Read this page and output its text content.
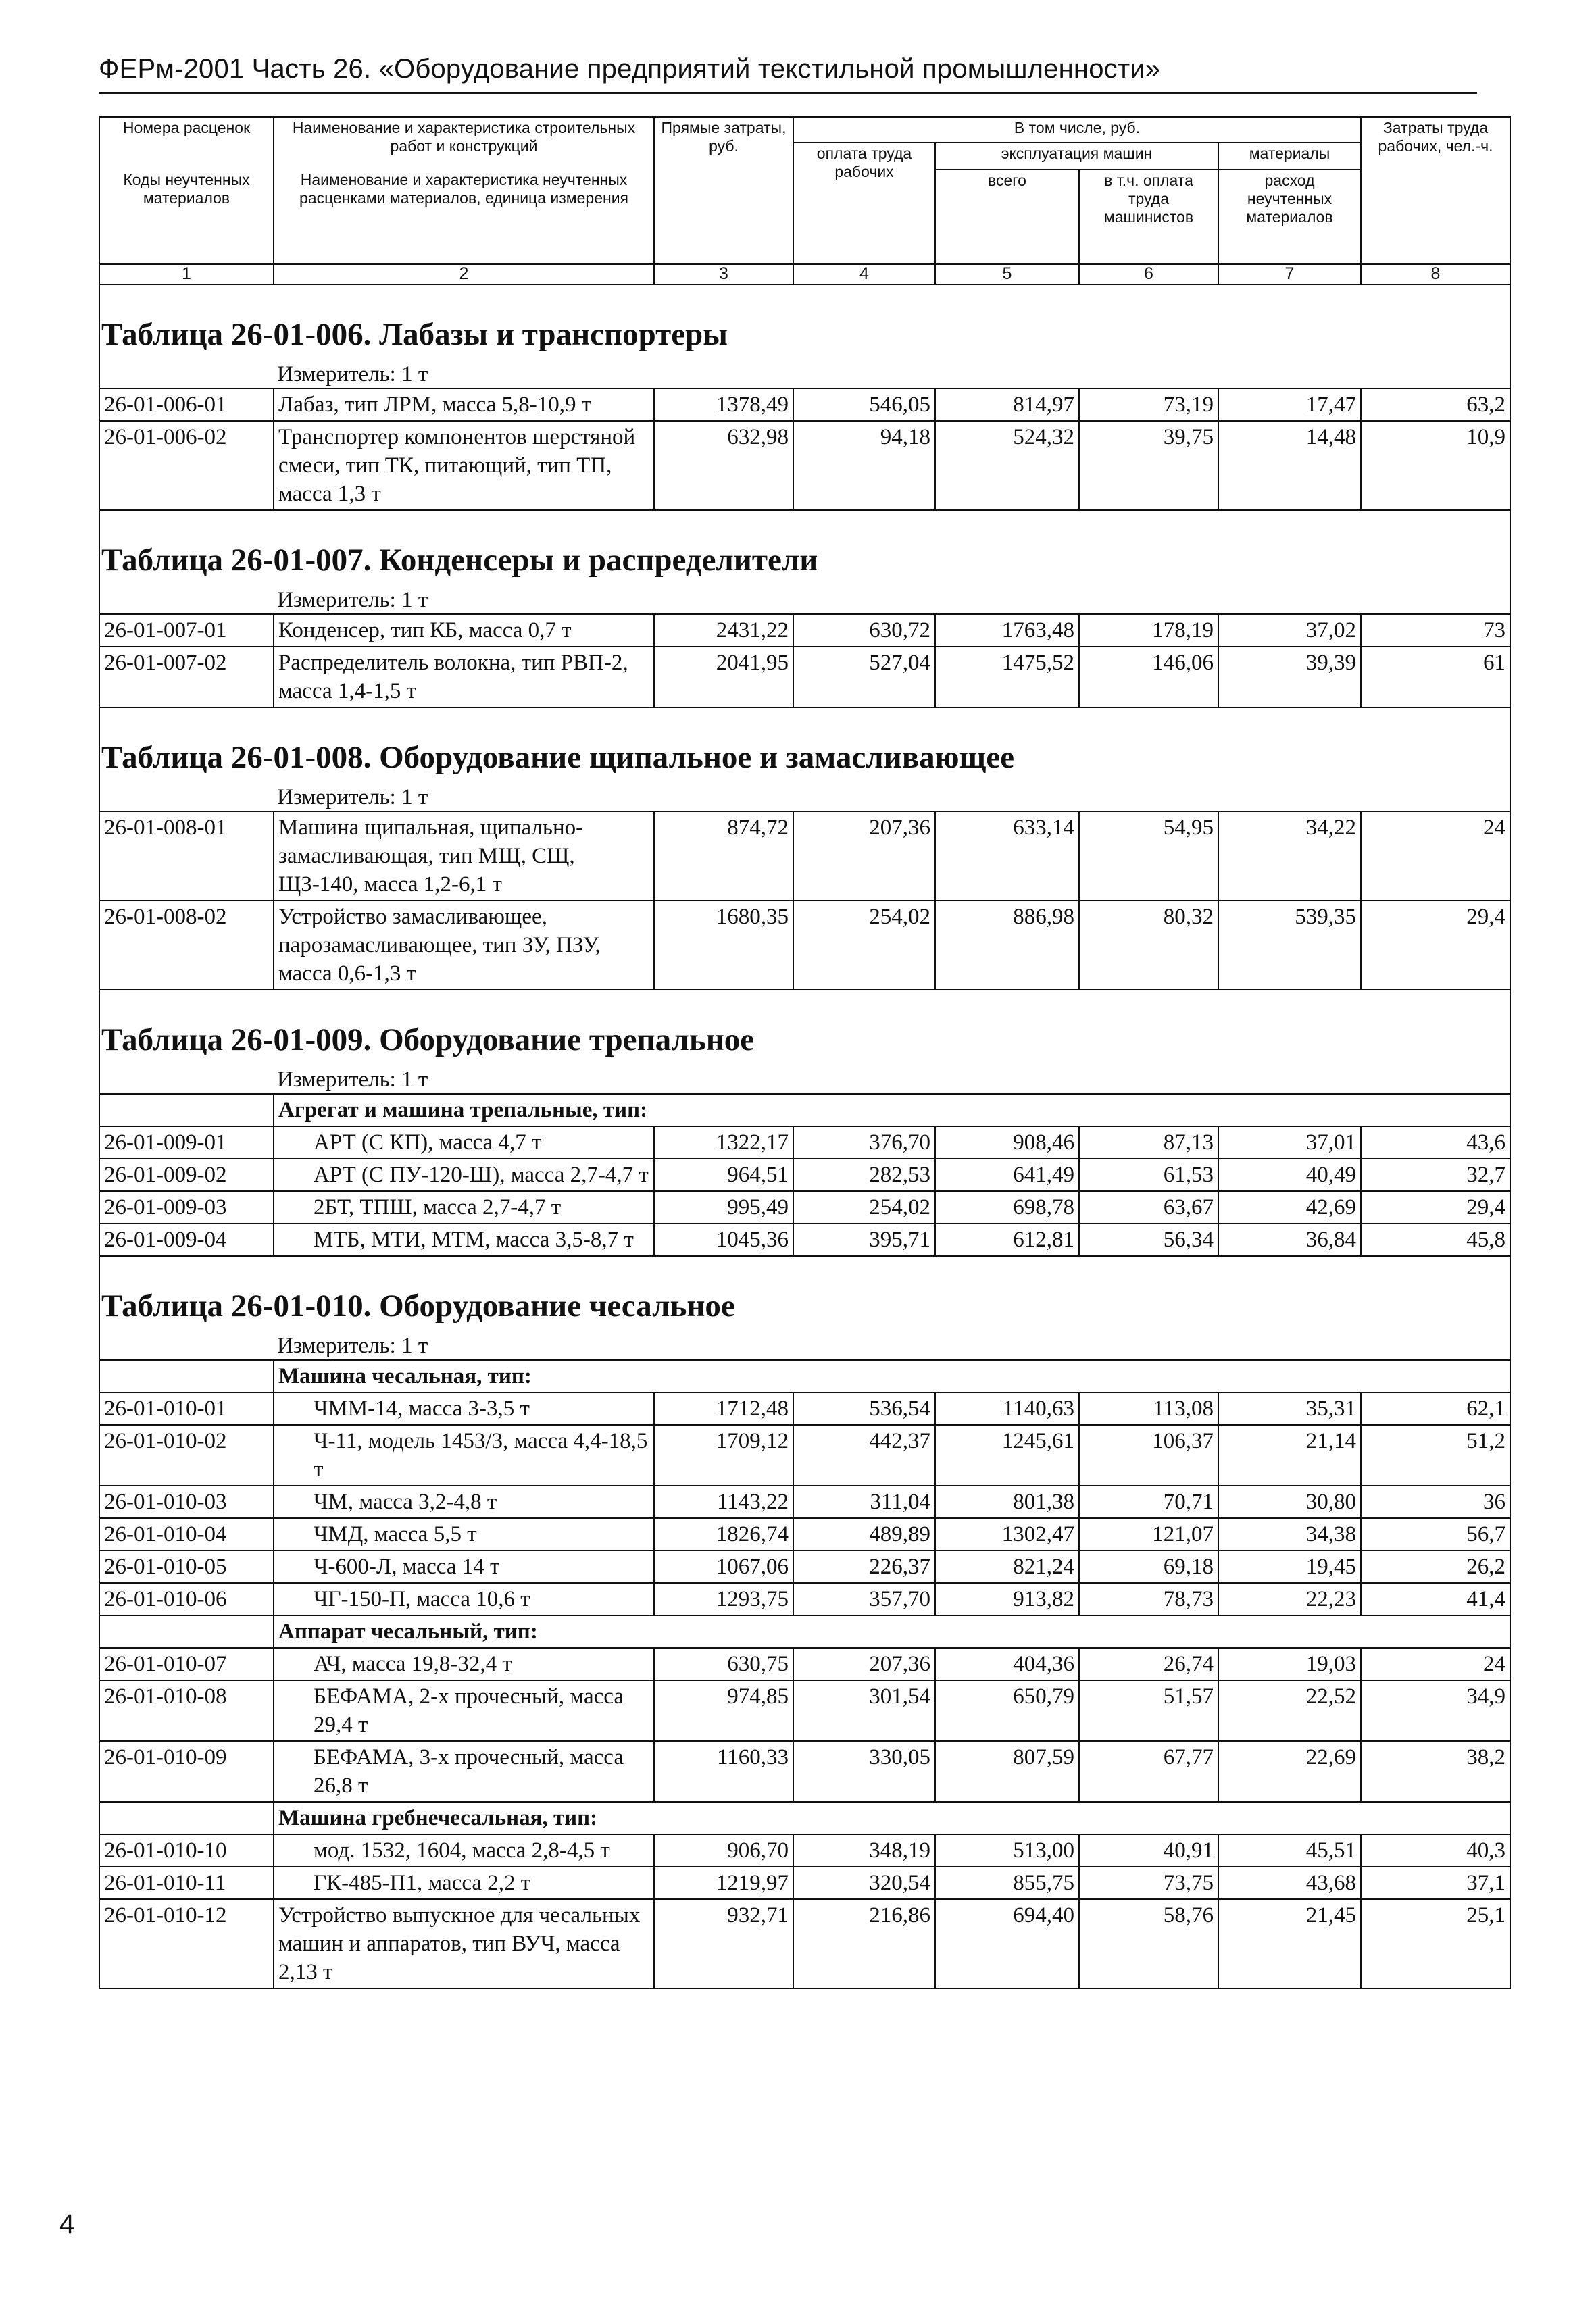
ФЕРм-2001 Часть 26. «Оборудование предприятий текстильной промышленности»
Номера расценок	Наименование и характеристика строительных работ и конструкций	Прямые затраты, руб.	В том числе, руб.				Затраты труда рабочих, чел.-ч.
			оплата труда рабочих	эксплуатация машин		материалы	
Коды неучтенных материалов	Наименование и характеристика неучтенных расценками материалов, единица измерения			всего	в т.ч. оплата труда машинистов	расход неучтенных материалов	

1	2	3	4	5	6	7	8

Таблица 26-01-006. Лабазы и транспортеры
Измеритель: 1 т							

26-01-006-01	Лабаз, тип ЛРМ, масса 5,8-10,9 т	1378,49	546,05	814,97	73,19	17,47	63,2
26-01-006-02	Транспортер компонентов шерстяной смеси, тип ТК, питающий, тип ТП, масса 1,3 т	632,98	94,18	524,32	39,75	14,48	10,9

Таблица 26-01-007. Конденсеры и распределители
Измеритель: 1 т							

26-01-007-01	Конденсер, тип КБ, масса 0,7 т	2431,22	630,72	1763,48	178,19	37,02	73
26-01-007-02	Распределитель волокна, тип РВП-2, масса 1,4-1,5 т	2041,95	527,04	1475,52	146,06	39,39	61

Таблица 26-01-008. Оборудование щипальное и замасливающее
Измеритель: 1 т							

26-01-008-01	Машина щипальная, щипально-замасливающая, тип МЩ, СЩ, ЩЗ-140, масса 1,2-6,1 т	874,72	207,36	633,14	54,95	34,22	24
26-01-008-02	Устройство замасливающее, парозамасливающее, тип ЗУ, ПЗУ, масса 0,6-1,3 т	1680,35	254,02	886,98	80,32	539,35	29,4

Таблица 26-01-009. Оборудование трепальное
Измеритель: 1 т							

	Агрегат и машина трепальные, тип:						
26-01-009-01	АРТ (С КП), масса 4,7 т	1322,17	376,70	908,46	87,13	37,01	43,6
26-01-009-02	АРТ (С ПУ-120-Ш), масса 2,7-4,7 т	964,51	282,53	641,49	61,53	40,49	32,7
26-01-009-03	2БТ, ТПШ, масса 2,7-4,7 т	995,49	254,02	698,78	63,67	42,69	29,4
26-01-009-04	МТБ, МТИ, МТМ, масса 3,5-8,7 т	1045,36	395,71	612,81	56,34	36,84	45,8

Таблица 26-01-010. Оборудование чесальное
Измеритель: 1 т							

	Машина чесальная, тип:						
26-01-010-01	ЧММ-14, масса 3-3,5 т	1712,48	536,54	1140,63	113,08	35,31	62,1
26-01-010-02	Ч-11, модель 1453/3, масса 4,4-18,5 т	1709,12	442,37	1245,61	106,37	21,14	51,2
26-01-010-03	ЧМ, масса 3,2-4,8 т	1143,22	311,04	801,38	70,71	30,80	36
26-01-010-04	ЧМД, масса 5,5 т	1826,74	489,89	1302,47	121,07	34,38	56,7
26-01-010-05	Ч-600-Л, масса 14 т	1067,06	226,37	821,24	69,18	19,45	26,2
26-01-010-06	ЧГ-150-П, масса 10,6 т	1293,75	357,70	913,82	78,73	22,23	41,4
	Аппарат чесальный, тип:						
26-01-010-07	АЧ, масса 19,8-32,4 т	630,75	207,36	404,36	26,74	19,03	24
26-01-010-08	БЕФАМА, 2-х прочесный, масса 29,4 т	974,85	301,54	650,79	51,57	22,52	34,9
26-01-010-09	БЕФАМА, 3-х прочесный, масса 26,8 т	1160,33	330,05	807,59	67,77	22,69	38,2
	Машина гребнечесальная, тип:						
26-01-010-10	мод. 1532, 1604, масса 2,8-4,5 т	906,70	348,19	513,00	40,91	45,51	40,3
26-01-010-11	ГК-485-П1, масса 2,2 т	1219,97	320,54	855,75	73,75	43,68	37,1
26-01-010-12	Устройство выпускное для чесальных машин и аппаратов, тип ВУЧ, масса 2,13 т	932,71	216,86	694,40	58,76	21,45	25,1
4
